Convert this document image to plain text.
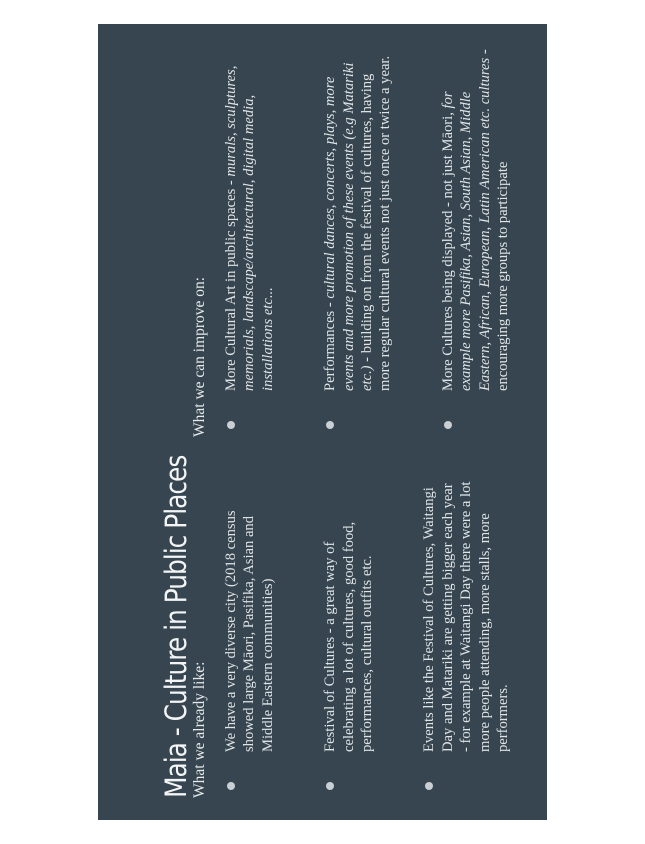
Maia - Culture in Public Places
What we already like: We have a very diverse city (2018 census showed large Māori, Pasifika, Asian and Middle Eastern communities)	Festival of Cultures - a great way of celebrating a lot of cultures, good food, performances, cultural outfits etc.	Events like the Festival of Cultures, Waitangi Day and Matariki are getting bigger each year - for example at Waitangi Day there were a lot more people attending, more stalls, more performers.
What we can improve on: More Cultural Art in public spaces - murals, sculptures, memorials, landscape/architectural, digital media, installations etc...	Performances - cultural dances, concerts, plays, more events and more promotion of these events (e.g Matariki etc.) - building on from the festival of cultures, having more regular cultural events not just once or twice a year.	More Cultures being displayed - not just Māori, for example more Pasifika, Asian, South Asian, Middle Eastern, African, European, Latin American etc. cultures - encouraging more groups to participate
